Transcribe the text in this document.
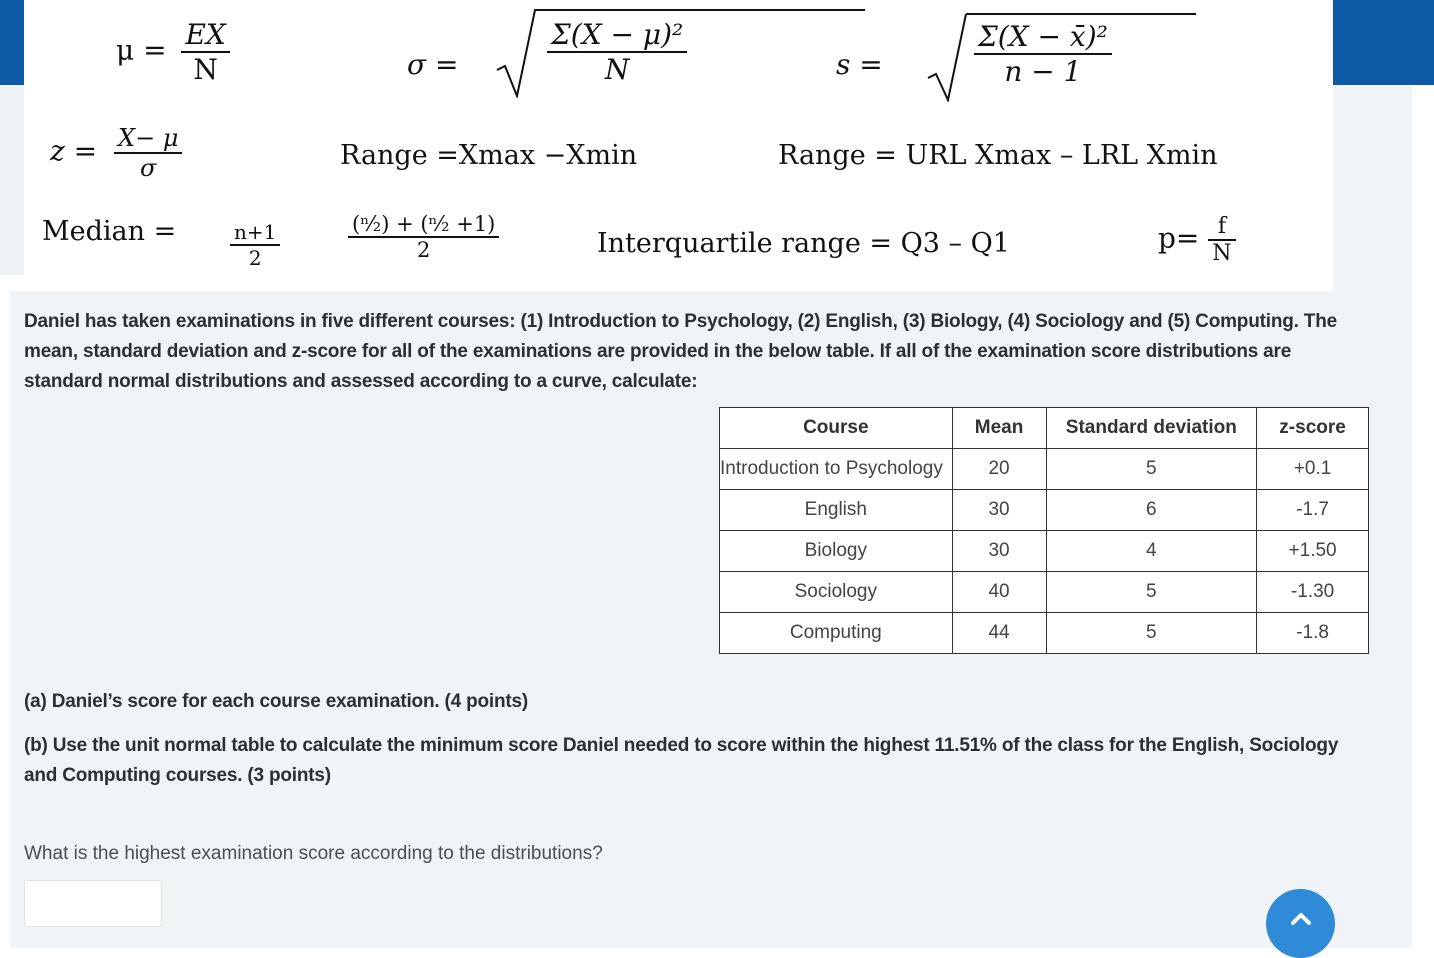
$\mu = \frac{EX}{N}$	σ =
Σ(X − μ)²
N	s =
Σ(X − x̄)²
n − 1
$z = \frac{X- \mu}{\sigma}$	Range =Xmax −Xmin	Range = URL Xmax – LRL Xmin
Median =	$\frac{n+1}{2}$	$\frac{\text{(ⁿ⁄₂) + (ⁿ⁄₂ +1)}}{2}$	Interquartile range = Q3 – Q1	$p= \frac{f}{N}$
Daniel has taken examinations in five different courses: (1) Introduction to Psychology, (2) English, (3) Biology, (4) Sociology and (5) Computing. The mean, standard deviation and z-score for all of the examinations are provided in the below table. If all of the examination score distributions are standard normal distributions and assessed according to a curve, calculate:
Course	Mean	Standard deviation	z-score
Introduction to Psychology	20	5	+0.1
English	30	6	-1.7
Biology	30	4	+1.50
Sociology	40	5	-1.30
Computing	44	5	-1.8
(a) Daniel’s score for each course examination. (4 points)
(b) Use the unit normal table to calculate the minimum score Daniel needed to score within the highest 11.51% of the class for the English, Sociology and Computing courses. (3 points)
What is the highest examination score according to the distributions?
